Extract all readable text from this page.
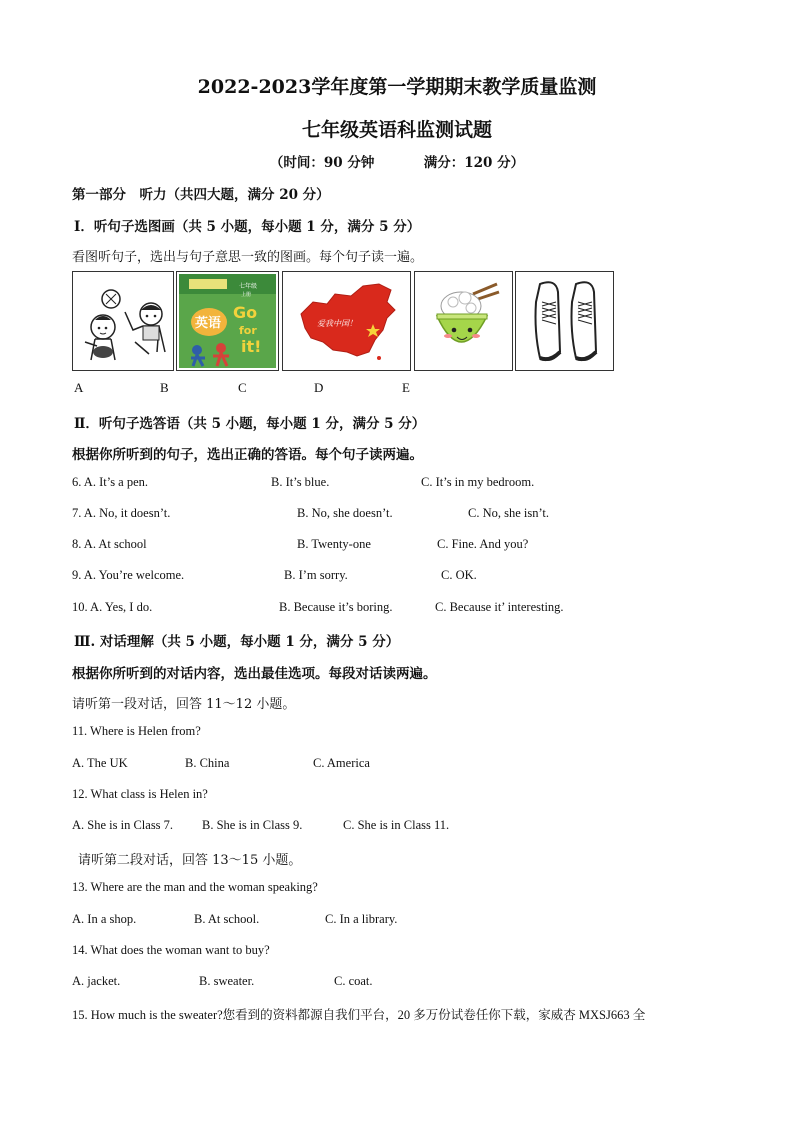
2022-2023学年度第一学期期末教学质量监测
七年级英语科监测试题
（时间：90 分钟	满分：120 分）
第一部分　听力（共四大题，满分 20 分）
Ⅰ．听句子选图画（共 5 小题，每小题 1 分，满分 5 分）
看图听句子，选出与句子意思一致的图画。每个句子读一遍。
七年级
上册
英语
Go
for
it!
爱我中国！
A	B	C	D	E
Ⅱ．听句子选答语（共 5 小题，每小题 1 分，满分 5 分）
根据你所听到的句子，选出正确的答语。每个句子读两遍。
6. A. It’s a pen.	B. It’s blue.	C. It’s in my bedroom.
7. A. No, it doesn’t.	B. No, she doesn’t.	C. No, she isn’t.
8. A. At school	B. Twenty-one	C. Fine. And you?
9. A. You’re welcome.	B. I’m sorry.	C. OK.
10. A. Yes, I do.	B. Because it’s boring.	C. Because it’ interesting.
Ⅲ. 对话理解（共 5 小题，每小题 1 分，满分 5 分）
根据你所听到的对话内容，选出最佳选项。每段对话读两遍。
请听第一段对话，回答 11～12 小题。
11. Where is Helen from?
A. The UK	B. China	C. America
12. What class is Helen in?
A. She is in Class 7. B. She is in Class 9.	C. She is in Class 11.
请听第二段对话，回答 13～15 小题。
13. Where are the man and the woman speaking?
A. In a shop.	B. At school.	C. In a library.
14. What does the woman want to buy?
A. jacket.	B. sweater.	C. coat.
15. How much is the sweater?您看到的资料都源自我们平台，20 多万份试卷任你下载，家威杏 MXSJ663 全
